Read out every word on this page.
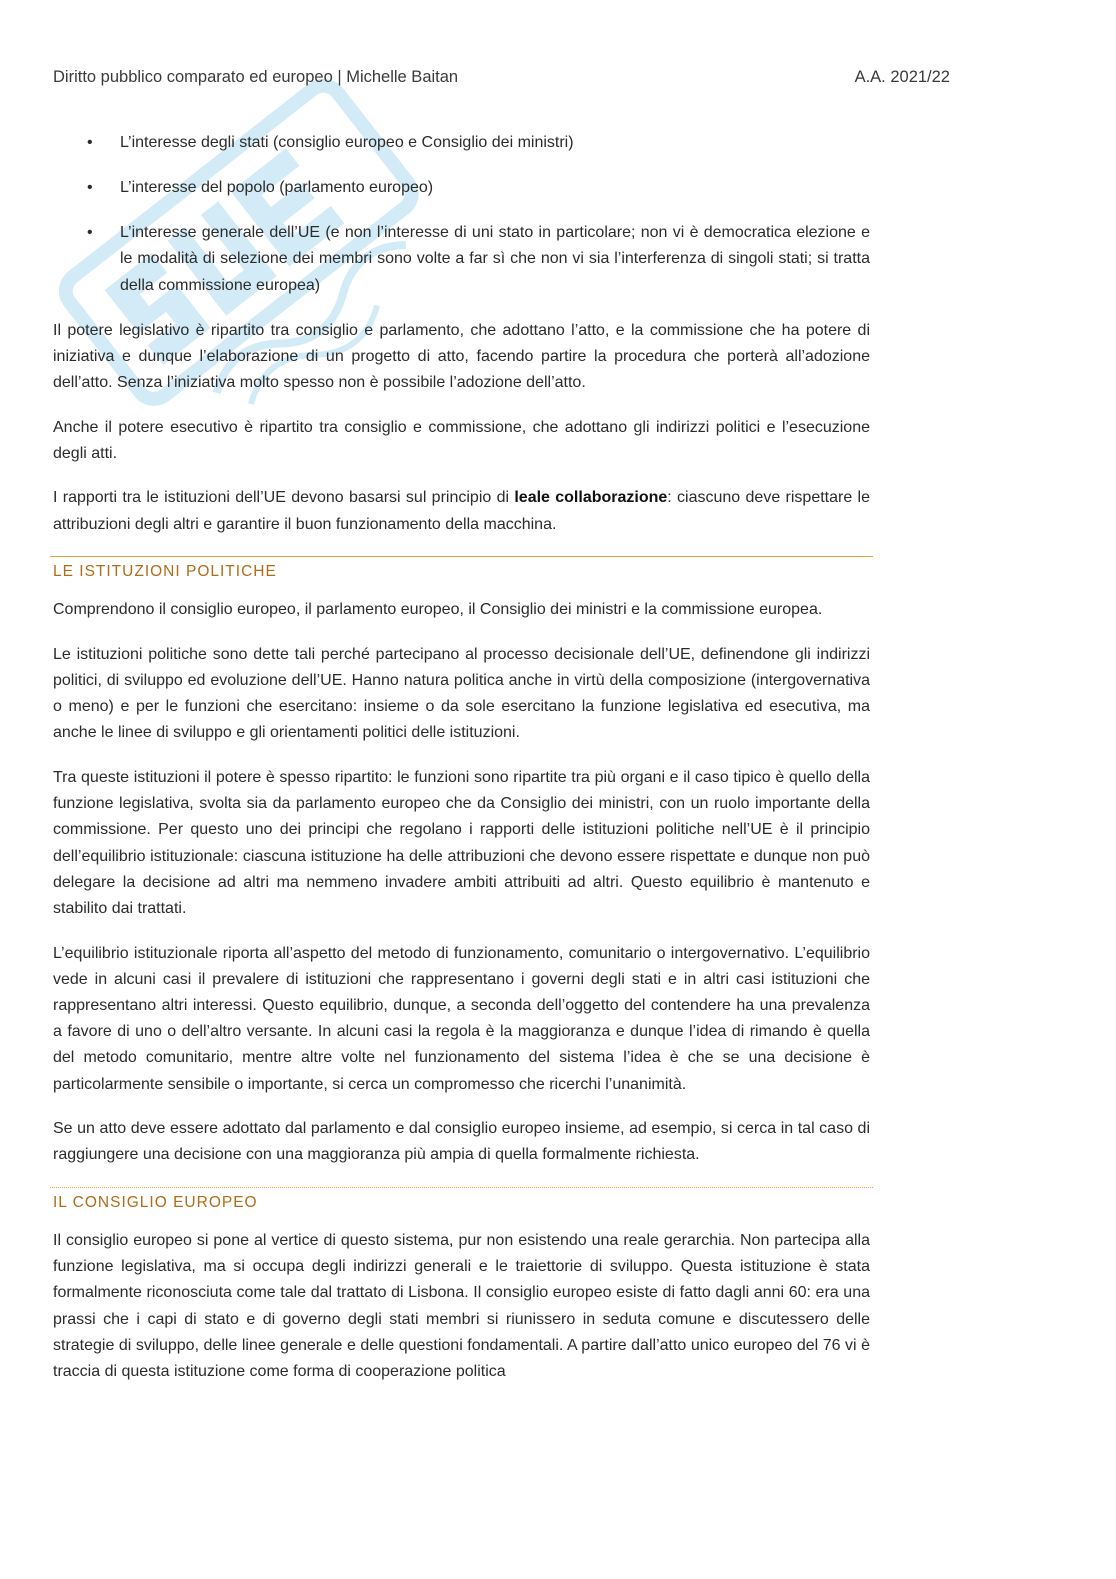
Diritto pubblico comparato ed europeo | Michelle Baitan	A.A. 2021/22
• L’interesse degli stati (consiglio europeo e Consiglio dei ministri)
• L’interesse del popolo (parlamento europeo)
• L’interesse generale dell’UE (e non l’interesse di uni stato in particolare; non vi è democratica elezione e le modalità di selezione dei membri sono volte a far sì che non vi sia l’interferenza di singoli stati; si tratta della commissione europea)

Il potere legislativo è ripartito tra consiglio e parlamento, che adottano l’atto, e la commissione che ha potere di iniziativa e dunque l’elaborazione di un progetto di atto, facendo partire la procedura che porterà all’adozione dell’atto. Senza l’iniziativa molto spesso non è possibile l’adozione dell’atto.

Anche il potere esecutivo è ripartito tra consiglio e commissione, che adottano gli indirizzi politici e l’esecuzione degli atti.

I rapporti tra le istituzioni dell’UE devono basarsi sul principio di leale collaborazione: ciascuno deve rispettare le attribuzioni degli altri e garantire il buon funzionamento della macchina.

LE ISTITUZIONI POLITICHE

Comprendono il consiglio europeo, il parlamento europeo, il Consiglio dei ministri e la commissione europea.

Le istituzioni politiche sono dette tali perché partecipano al processo decisionale dell’UE, definendone gli indirizzi politici, di sviluppo ed evoluzione dell’UE. Hanno natura politica anche in virtù della composizione (intergovernativa o meno) e per le funzioni che esercitano: insieme o da sole esercitano la funzione legislativa ed esecutiva, ma anche le linee di sviluppo e gli orientamenti politici delle istituzioni.

Tra queste istituzioni il potere è spesso ripartito: le funzioni sono ripartite tra più organi e il caso tipico è quello della funzione legislativa, svolta sia da parlamento europeo che da Consiglio dei ministri, con un ruolo importante della commissione. Per questo uno dei principi che regolano i rapporti delle istituzioni politiche nell’UE è il principio dell’equilibrio istituzionale: ciascuna istituzione ha delle attribuzioni che devono essere rispettate e dunque non può delegare la decisione ad altri ma nemmeno invadere ambiti attribuiti ad altri. Questo equilibrio è mantenuto e stabilito dai trattati.

L’equilibrio istituzionale riporta all’aspetto del metodo di funzionamento, comunitario o intergovernativo. L’equilibrio vede in alcuni casi il prevalere di istituzioni che rappresentano i governi degli stati e in altri casi istituzioni che rappresentano altri interessi. Questo equilibrio, dunque, a seconda dell’oggetto del contendere ha una prevalenza a favore di uno o dell’altro versante. In alcuni casi la regola è la maggioranza e dunque l’idea di rimando è quella del metodo comunitario, mentre altre volte nel funzionamento del sistema l’idea è che se una decisione è particolarmente sensibile o importante, si cerca un compromesso che ricerchi l’unanimità.

Se un atto deve essere adottato dal parlamento e dal consiglio europeo insieme, ad esempio, si cerca in tal caso di raggiungere una decisione con una maggioranza più ampia di quella formalmente richiesta.

IL CONSIGLIO EUROPEO

Il consiglio europeo si pone al vertice di questo sistema, pur non esistendo una reale gerarchia. Non partecipa alla funzione legislativa, ma si occupa degli indirizzi generali e le traiettorie di sviluppo. Questa istituzione è stata formalmente riconosciuta come tale dal trattato di Lisbona. Il consiglio europeo esiste di fatto dagli anni 60: era una prassi che i capi di stato e di governo degli stati membri si riunissero in seduta comune e discutessero delle strategie di sviluppo, delle linee generale e delle questioni fondamentali. A partire dall’atto unico europeo del 76 vi è traccia di questa istituzione come forma di cooperazione politica
